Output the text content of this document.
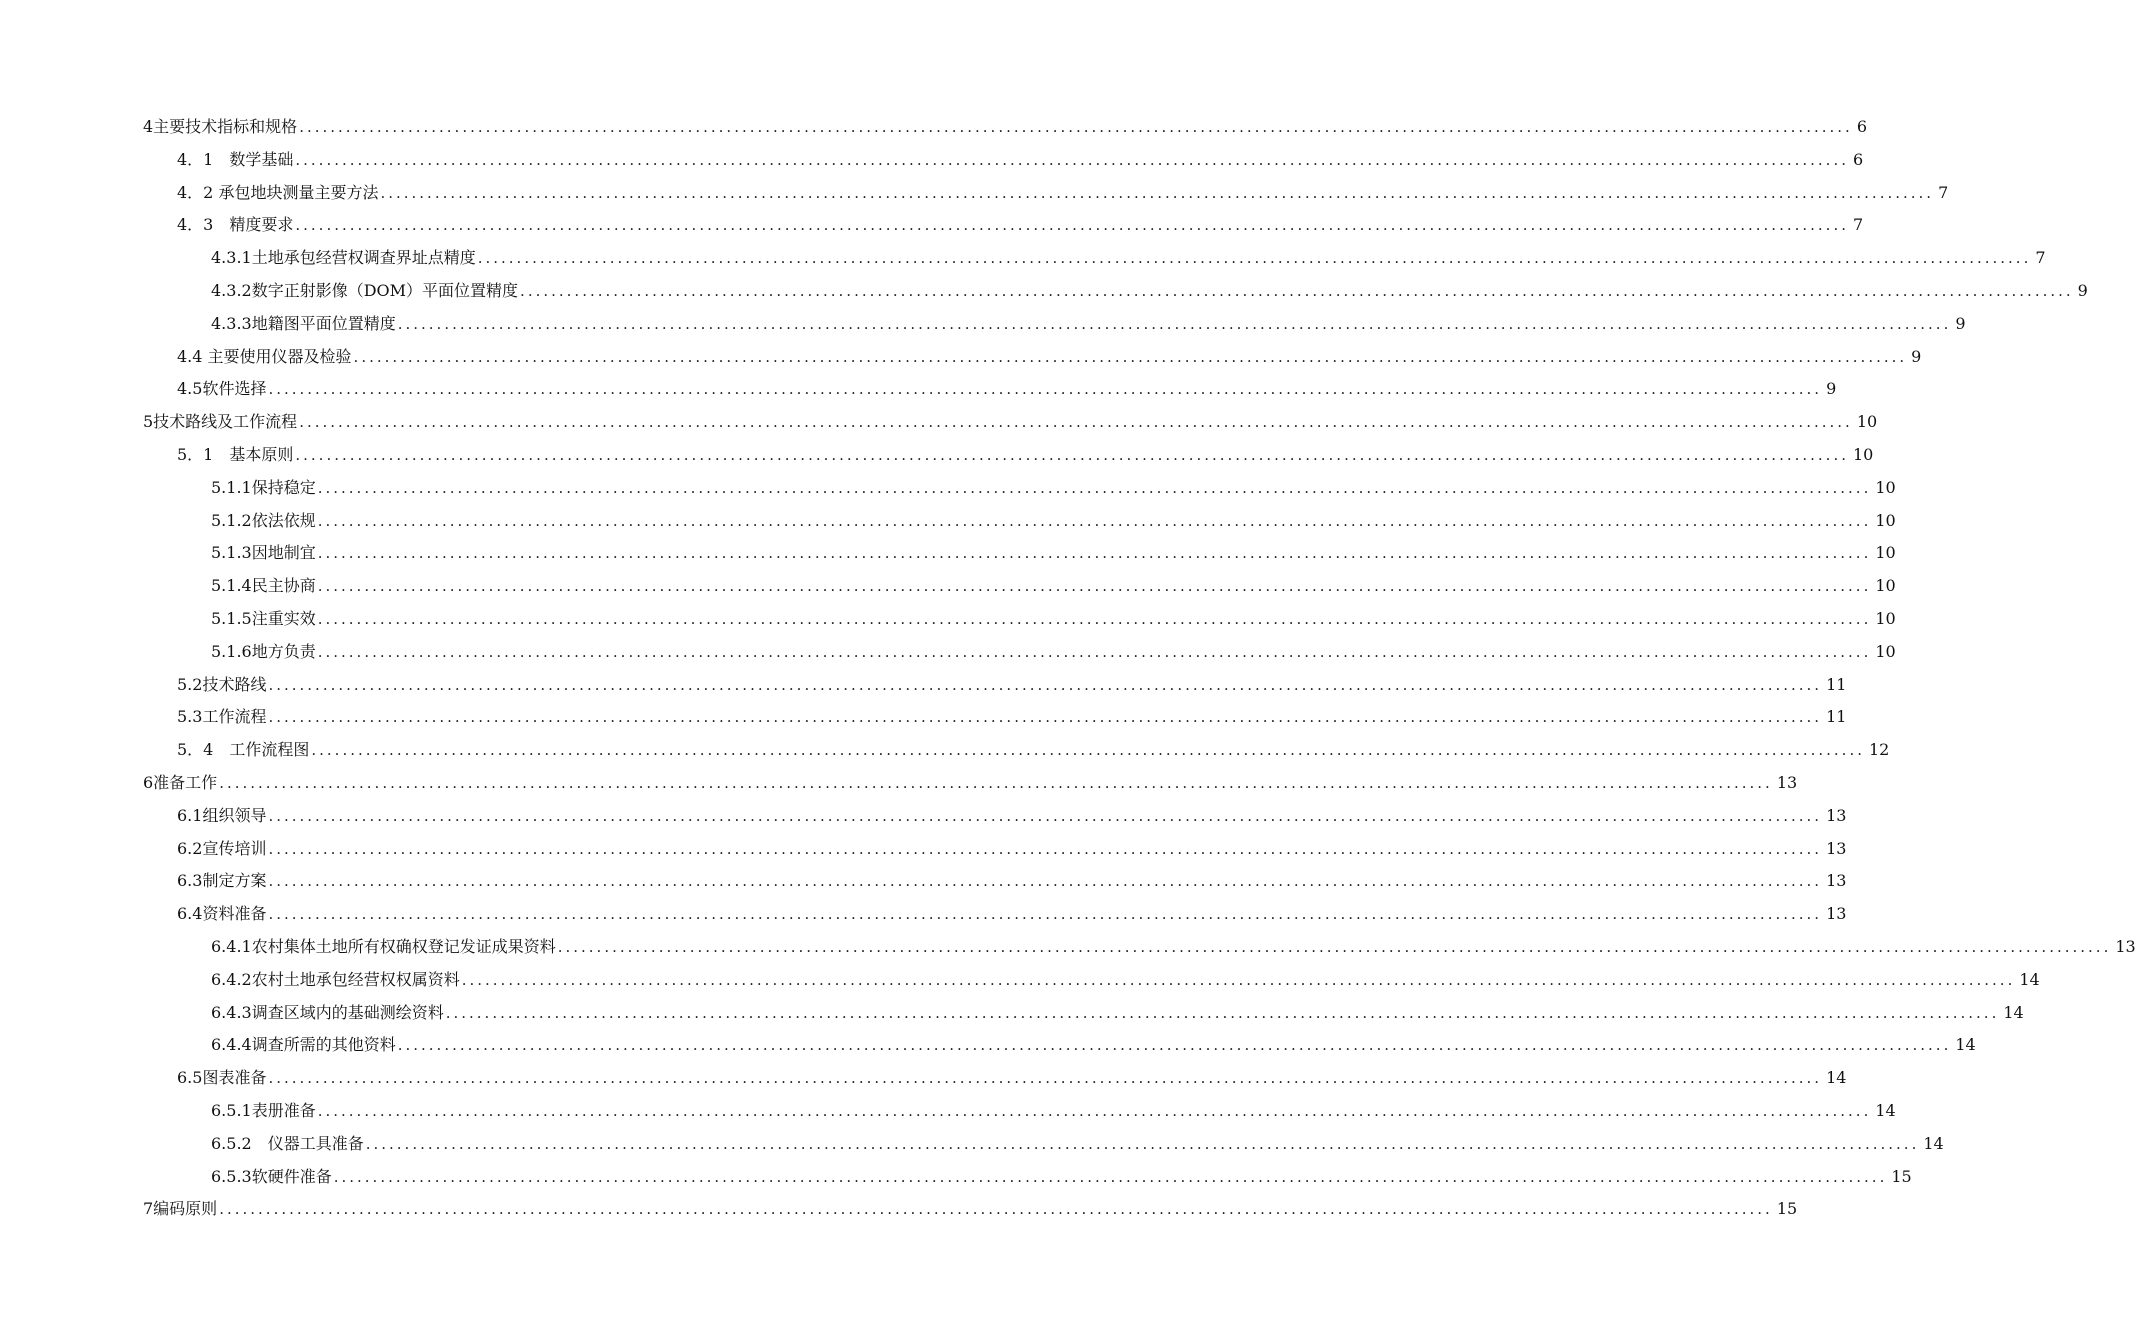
4主要技术指标和规格 ........................................................................................................................................................................................................ 6
4．1　数学基础 ........................................................................................................................................................................................................ 6
4．2 承包地块测量主要方法 ........................................................................................................................................................................................................ 7
4．3　精度要求 ........................................................................................................................................................................................................ 7
4.3.1土地承包经营权调查界址点精度 ........................................................................................................................................................................................................ 7
4.3.2数字正射影像（DOM）平面位置精度 ........................................................................................................................................................................................................ 9
4.3.3地籍图平面位置精度 ........................................................................................................................................................................................................ 9
4.4 主要使用仪器及检验 ........................................................................................................................................................................................................ 9
4.5软件选择 ........................................................................................................................................................................................................ 9
5技术路线及工作流程 ........................................................................................................................................................................................................ 10
5．1　基本原则 ........................................................................................................................................................................................................ 10
5.1.1保持稳定 ........................................................................................................................................................................................................ 10
5.1.2依法依规 ........................................................................................................................................................................................................ 10
5.1.3因地制宜 ........................................................................................................................................................................................................ 10
5.1.4民主协商 ........................................................................................................................................................................................................ 10
5.1.5注重实效 ........................................................................................................................................................................................................ 10
5.1.6地方负责 ........................................................................................................................................................................................................ 10
5.2技术路线 ........................................................................................................................................................................................................ 11
5.3工作流程 ........................................................................................................................................................................................................ 11
5．4　工作流程图 ........................................................................................................................................................................................................ 12
6准备工作 ........................................................................................................................................................................................................ 13
6.1组织领导 ........................................................................................................................................................................................................ 13
6.2宣传培训 ........................................................................................................................................................................................................ 13
6.3制定方案 ........................................................................................................................................................................................................ 13
6.4资料准备 ........................................................................................................................................................................................................ 13
6.4.1农村集体土地所有权确权登记发证成果资料 ........................................................................................................................................................................................................ 13
6.4.2农村土地承包经营权权属资料 ........................................................................................................................................................................................................ 14
6.4.3调查区域内的基础测绘资料 ........................................................................................................................................................................................................ 14
6.4.4调查所需的其他资料 ........................................................................................................................................................................................................ 14
6.5图表准备 ........................................................................................................................................................................................................ 14
6.5.1表册准备 ........................................................................................................................................................................................................ 14
6.5.2　仪器工具准备 ........................................................................................................................................................................................................ 14
6.5.3软硬件准备 ........................................................................................................................................................................................................ 15
7编码原则 ........................................................................................................................................................................................................ 15
